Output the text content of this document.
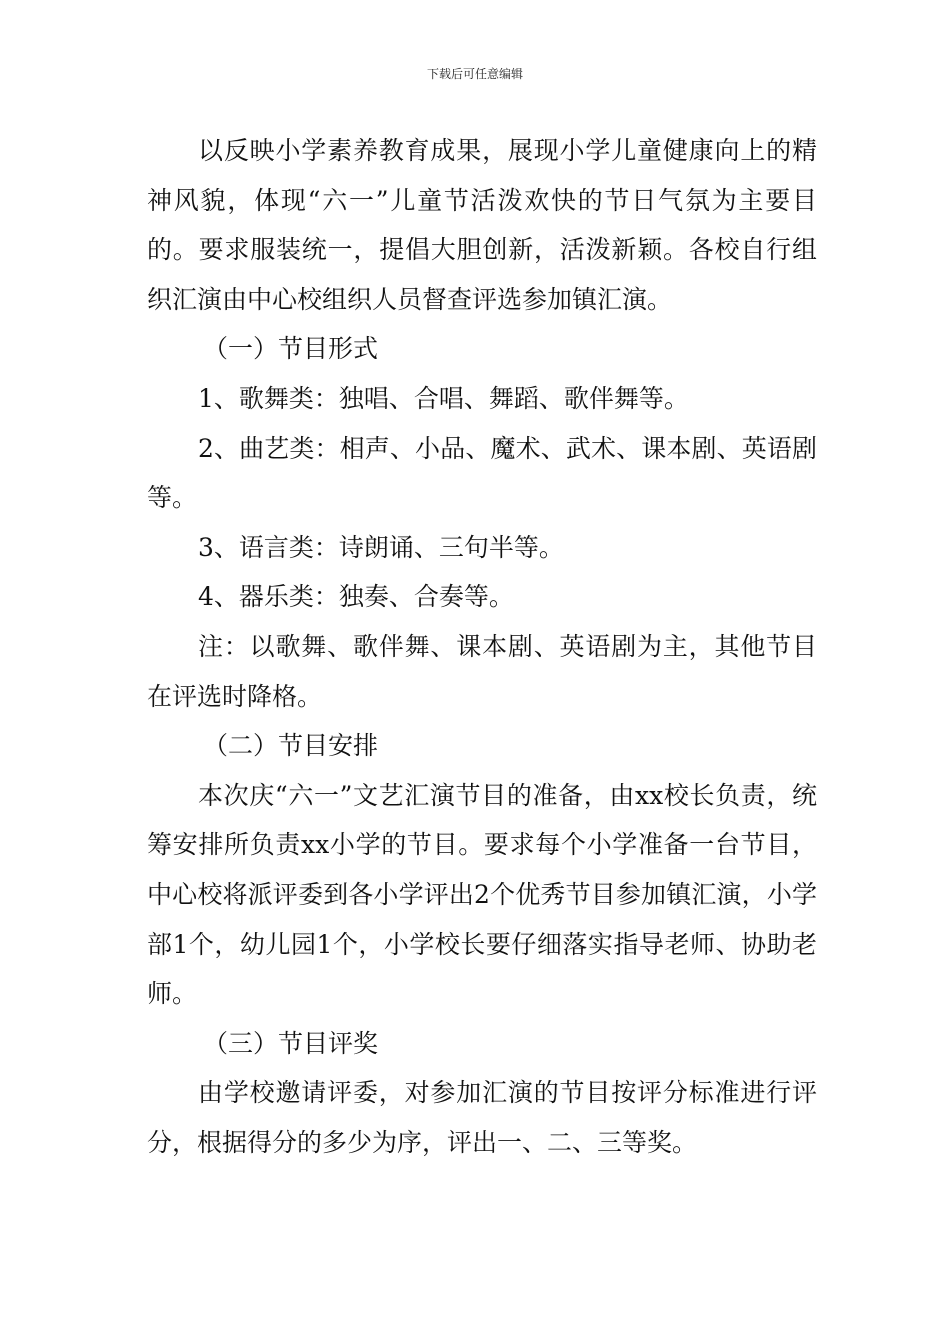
下载后可任意编辑

以反映小学素养教育成果，展现小学儿童健康向上的精神风貌，体现“六一”儿童节活泼欢快的节日气氛为主要目的。要求服装统一，提倡大胆创新，活泼新颖。各校自行组织汇演由中心校组织人员督查评选参加镇汇演。

（一）节目形式

1、歌舞类：独唱、合唱、舞蹈、歌伴舞等。

2、曲艺类：相声、小品、魔术、武术、课本剧、英语剧等。

3、语言类：诗朗诵、三句半等。

4、器乐类：独奏、合奏等。

注：以歌舞、歌伴舞、课本剧、英语剧为主，其他节目在评选时降格。

（二）节目安排

本次庆“六一”文艺汇演节目的准备，由xx校长负责，统筹安排所负责xx小学的节目。要求每个小学准备一台节目，中心校将派评委到各小学评出2个优秀节目参加镇汇演，小学部1个，幼儿园1个，小学校长要仔细落实指导老师、协助老师。

（三）节目评奖

由学校邀请评委，对参加汇演的节目按评分标准进行评分，根据得分的多少为序，评出一、二、三等奖。
